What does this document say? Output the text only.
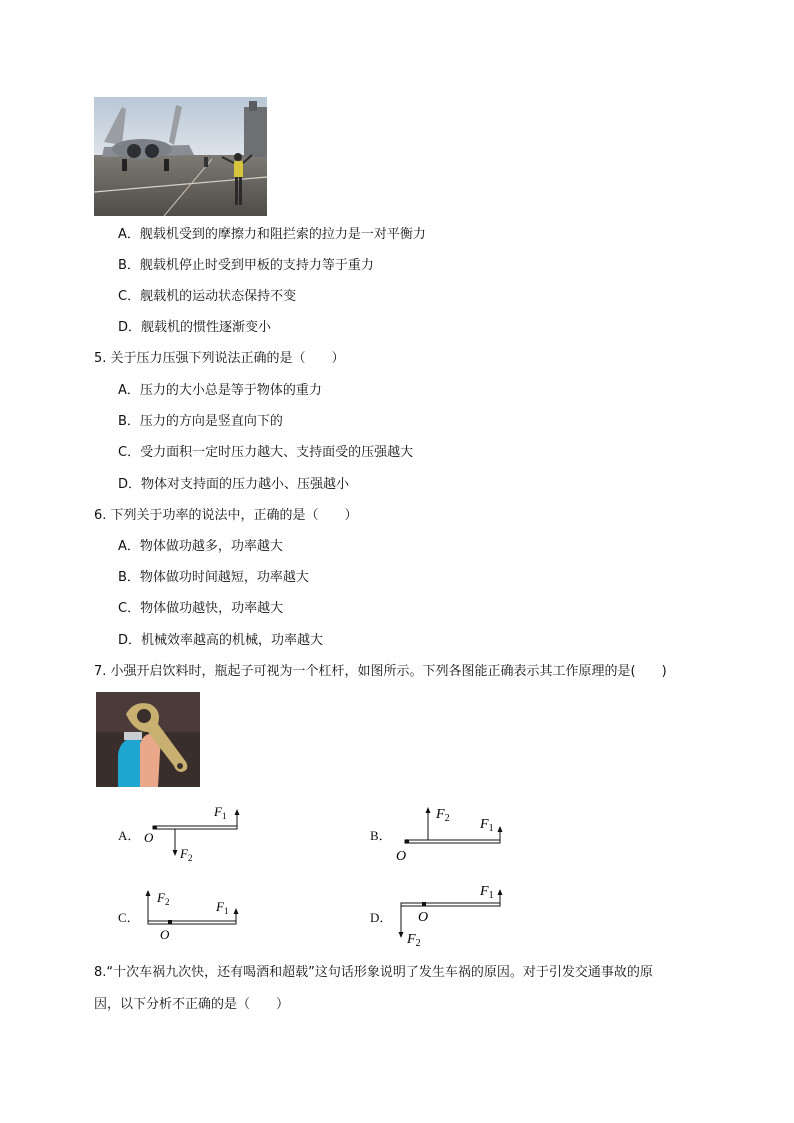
A．舰载机受到的摩擦力和阻拦索的拉力是一对平衡力
B．舰载机停止时受到甲板的支持力等于重力
C．舰载机的运动状态保持不变
D．舰载机的惯性逐渐变小
5. 关于压力压强下列说法正确的是（　　）
A．压力的大小总是等于物体的重力
B．压力的方向是竖直向下的
C．受力面积一定时压力越大、支持面受的压强越大
D．物体对支持面的压力越小、压强越小
6. 下列关于功率的说法中，正确的是（　　）
A．物体做功越多，功率越大
B．物体做功时间越短，功率越大
C．物体做功越快，功率越大
D．机械效率越高的机械，功率越大
7. 小强开启饮料时，瓶起子可视为一个杠杆，如图所示。下列各图能正确表示其工作原理的是(　　)
A．	B．
C．	D．
O
$F_1$
$F_2$	O
$F_2$ $F_1$
O
$F_2$	$F_1$	O
$F_2$
$F_1$
8.“十次车祸九次快，还有喝酒和超载”这句话形象说明了发生车祸的原因。对于引发交通事故的原
因，以下分析不正确的是（　　）
